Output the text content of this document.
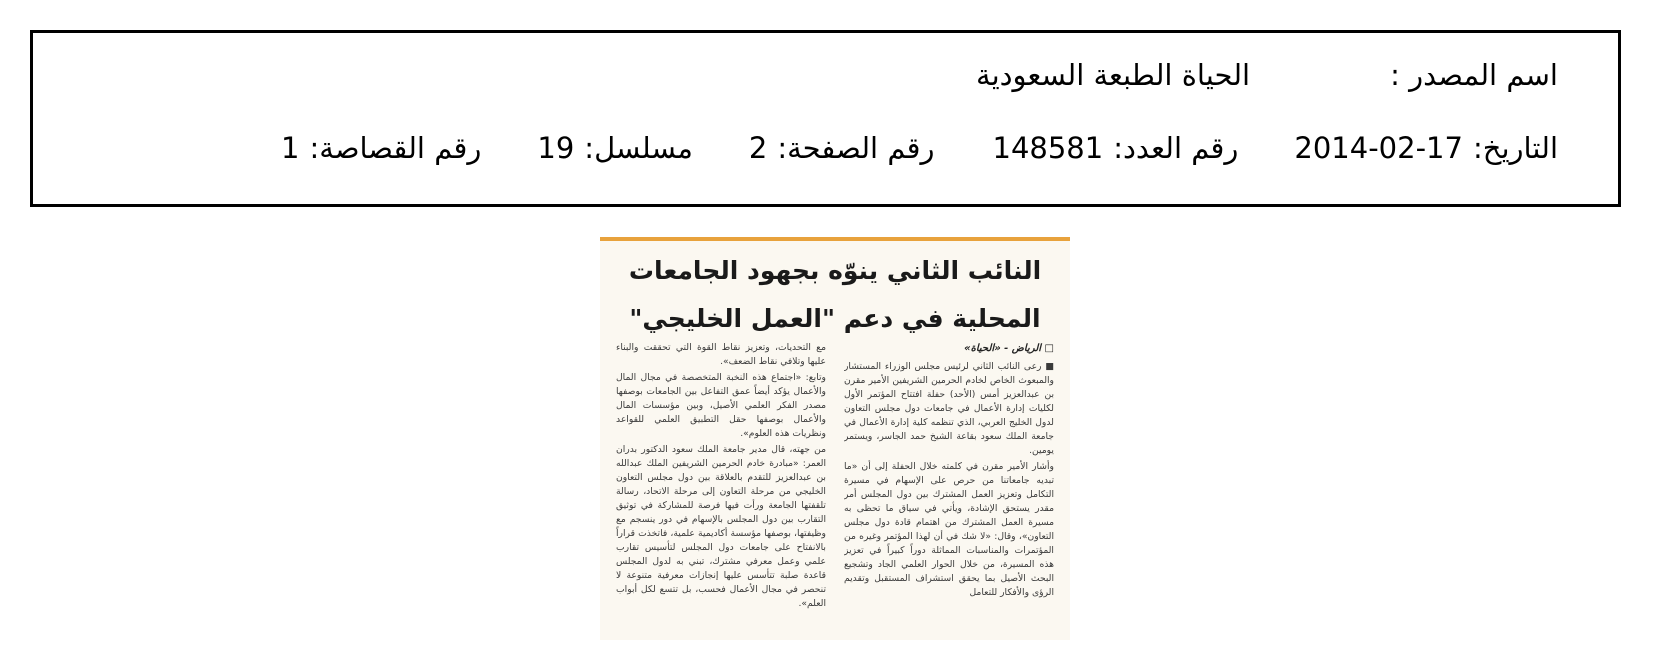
اسم المصدر :
الحياة الطبعة السعودية
التاريخ:
2014-02-17
رقم العدد:
148581
رقم الصفحة:
2
مسلسل:
19
رقم القصاصة:
1
النائب الثاني ينوّه بجهود الجامعات
المحلية في دعم "العمل الخليجي"
□ الرياض - «الحياة»

■ رعى النائب الثاني لرئيس مجلس الوزراء المستشار والمبعوث الخاص لخادم الحرمين الشريفين الأمير مقرن بن عبدالعزيز أمس (الأحد) حفلة افتتاح المؤتمر الأول لكليات إدارة الأعمال في جامعات دول مجلس التعاون لدول الخليج العربي، الذي تنظمه كلية إدارة الأعمال في جامعة الملك سعود بقاعة الشيخ حمد الجاسر، ويستمر يومين.

وأشار الأمير مقرن في كلمته خلال الحفلة إلى أن «ما تبديه جامعاتنا من حرص على الإسهام في مسيرة التكامل وتعزيز العمل المشترك بين دول المجلس أمر مقدر يستحق الإشادة، ويأتي في سياق ما تحظى به مسيرة العمل المشترك من اهتمام قادة دول مجلس التعاون»، وقال: «لا شك في أن لهذا المؤتمر وغيره من المؤتمرات والمناسبات المماثلة دوراً كبيراً في تعزيز هذه المسيرة، من خلال الحوار العلمي الجاد وتشجيع البحث الأصيل بما يحقق استشراف المستقبل وتقديم الرؤى والأفكار للتعامل

مع التحديات، وتعزيز نقاط القوة التي تحققت والبناء عليها وتلافي نقاط الضعف».

وتابع: «اجتماع هذه النخبة المتخصصة في مجال المال والأعمال يؤكد أيضاً عمق التفاعل بين الجامعات بوصفها مصدر الفكر العلمي الأصيل، وبين مؤسسات المال والأعمال بوصفها حقل التطبيق العلمي للقواعد ونظريات هذه العلوم».

من جهته، قال مدير جامعة الملك سعود الدكتور بدران العمر: «مبادرة خادم الحرمين الشريفين الملك عبدالله بن عبدالعزيز للتقدم بالعلاقة بين دول مجلس التعاون الخليجي من مرحلة التعاون إلى مرحلة الاتحاد، رسالة تلقفتها الجامعة ورأت فيها فرصة للمشاركة في توثيق التقارب بين دول المجلس بالإسهام في دور ينسجم مع وظيفتها، بوصفها مؤسسة أكاديمية علمية، فاتخذت قراراً بالانفتاح على جامعات دول المجلس لتأسيس تقارب علمي وعمل معرفي مشترك، تبني به لدول المجلس قاعدة صلبة تتأسس عليها إنجازات معرفية متنوعة لا تنحصر في مجال الأعمال فحسب، بل تتسع لكل أبواب العلم».
